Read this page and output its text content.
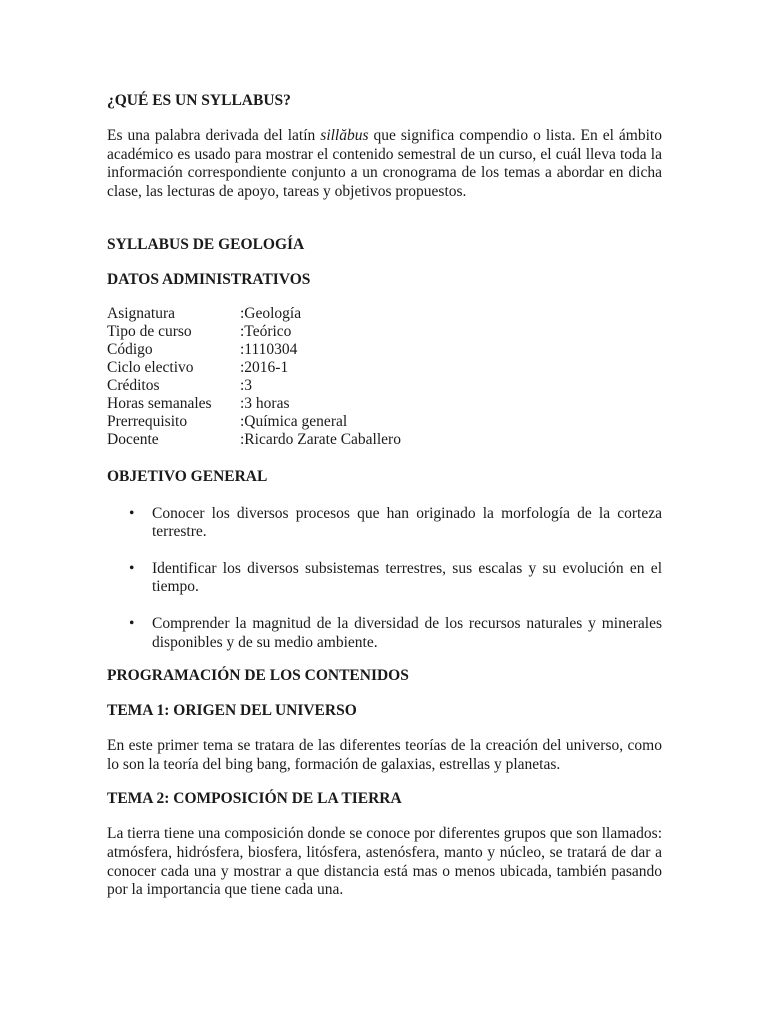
¿QUÉ ES UN SYLLABUS?

Es una palabra derivada del latín sillăbus que significa compendio o lista. En el ámbito académico es usado para mostrar el contenido semestral de un curso, el cuál lleva toda la información correspondiente conjunto a un cronograma de los temas a abordar en dicha clase, las lecturas de apoyo, tareas y objetivos propuestos.

SYLLABUS DE GEOLOGÍA

DATOS ADMINISTRATIVOS

Asignatura	:Geología
Tipo de curso	:Teórico
Código	:1110304
Ciclo electivo	:2016-1
Créditos	:3
Horas semanales	:3 horas
Prerrequisito	:Química general
Docente	:Ricardo Zarate Caballero

OBJETIVO GENERAL

• Conocer los diversos procesos que han originado la morfología de la corteza terrestre.
• Identificar los diversos subsistemas terrestres, sus escalas y su evolución en el tiempo.
• Comprender la magnitud de la diversidad de los recursos naturales y minerales disponibles y de su medio ambiente.

PROGRAMACIÓN DE LOS CONTENIDOS

TEMA 1: ORIGEN DEL UNIVERSO

En este primer tema se tratara de las diferentes teorías de la creación del universo, como lo son la teoría del bing bang, formación de galaxias, estrellas y planetas.

TEMA 2: COMPOSICIÓN DE LA TIERRA

La tierra tiene una composición donde se conoce por diferentes grupos que son llamados: atmósfera, hidrósfera, biosfera, litósfera, astenósfera, manto y núcleo, se tratará de dar a conocer cada una y mostrar a que distancia está mas o menos ubicada, también pasando por la importancia que tiene cada una.
